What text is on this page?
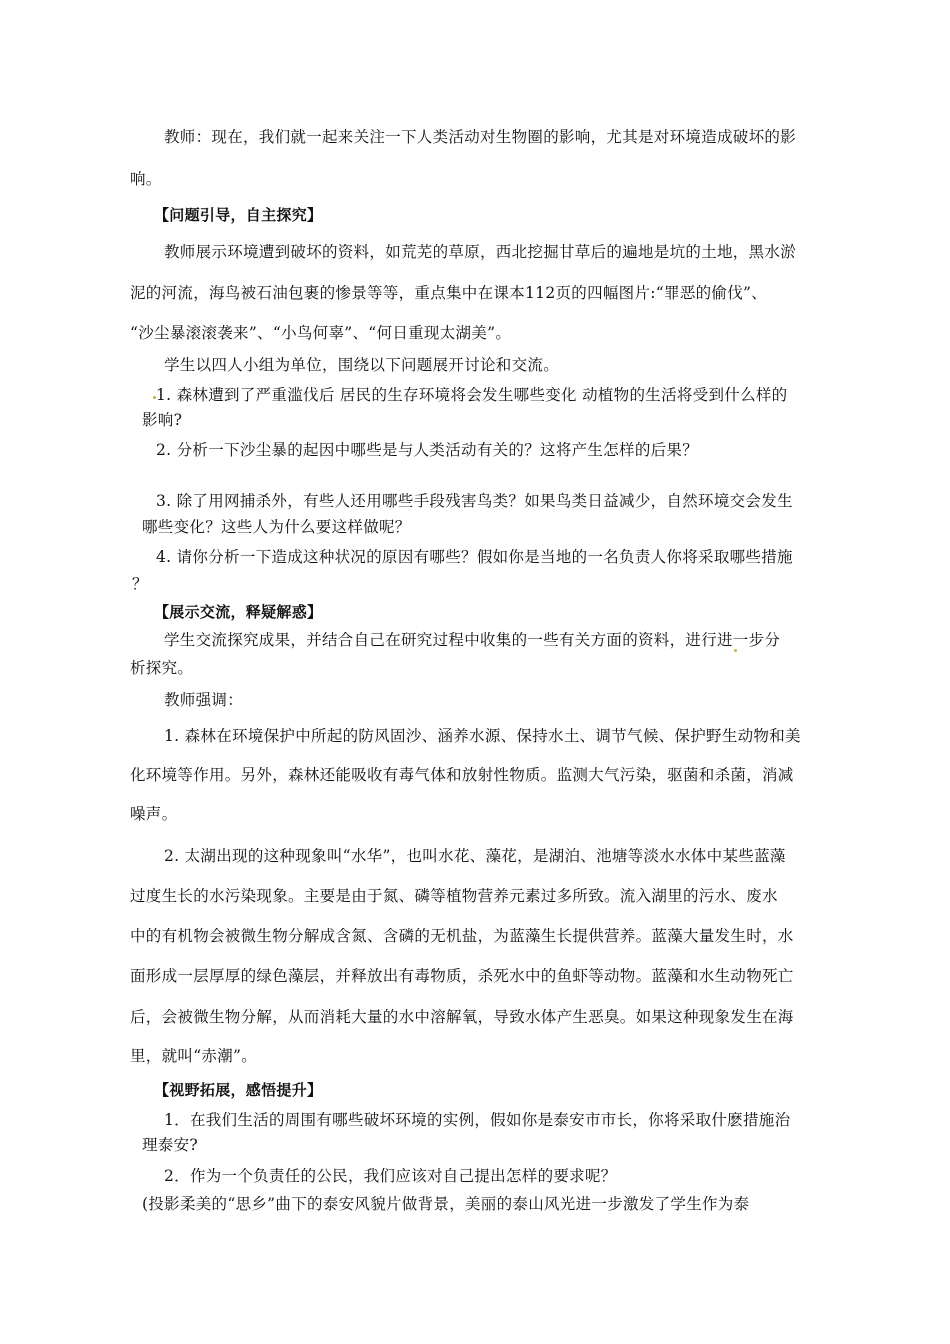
教师：现在，我们就一起来关注一下人类活动对生物圈的影响，尤其是对环境造成破坏的影
响。
【问题引导，自主探究】
教师展示环境遭到破坏的资料，如荒芜的草原，西北挖掘甘草后的遍地是坑的土地，黑水淤
泥的河流，海鸟被石油包裹的惨景等等，重点集中在课本112页的四幅图片:“罪恶的偷伐”、
“沙尘暴滚滚袭来”、“小鸟何辜”、“何日重现太湖美”。
学生以四人小组为单位，围绕以下问题展开讨论和交流。
1. 森林遭到了严重滥伐后 居民的生存环境将会发生哪些变化 动植物的生活将受到什么样的
影响?
2. 分析一下沙尘暴的起因中哪些是与人类活动有关的？这将产生怎样的后果？
3. 除了用网捕杀外，有些人还用哪些手段残害鸟类？如果鸟类日益减少，自然环境交会发生
哪些变化？这些人为什么要这样做呢？
4. 请你分析一下造成这种状况的原因有哪些？假如你是当地的一名负责人你将采取哪些措施
？
【展示交流，释疑解惑】
学生交流探究成果，并结合自己在研究过程中收集的一些有关方面的资料，进行进一步分
析探究。
教师强调：
1. 森林在环境保护中所起的防风固沙、涵养水源、保持水土、调节气候、保护野生动物和美
化环境等作用。另外，森林还能吸收有毒气体和放射性物质。监测大气污染，驱菌和杀菌，消减
噪声。
2. 太湖出现的这种现象叫“水华”，也叫水花、藻花，是湖泊、池塘等淡水水体中某些蓝藻
过度生长的水污染现象。主要是由于氮、磷等植物营养元素过多所致。流入湖里的污水、废水
中的有机物会被微生物分解成含氮、含磷的无机盐，为蓝藻生长提供营养。蓝藻大量发生时，水
面形成一层厚厚的绿色藻层，并释放出有毒物质，杀死水中的鱼虾等动物。蓝藻和水生动物死亡
后，会被微生物分解，从而消耗大量的水中溶解氧，导致水体产生恶臭。如果这种现象发生在海
里，就叫“赤潮”。
【视野拓展，感悟提升】
1．在我们生活的周围有哪些破坏环境的实例，假如你是泰安市市长，你将采取什麽措施治
理泰安?
2．作为一个负责任的公民，我们应该对自己提出怎样的要求呢？
(投影柔美的“思乡”曲下的泰安风貌片做背景，美丽的泰山风光进一步激发了学生作为泰
